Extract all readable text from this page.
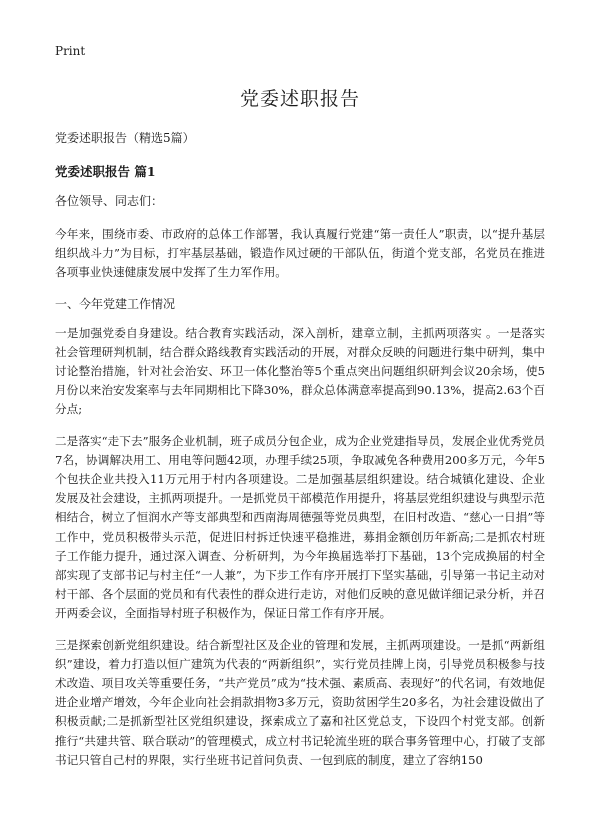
Print
党委述职报告
党委述职报告（精选5篇）
党委述职报告 篇1
各位领导、同志们：

今年来，围绕市委、市政府的总体工作部署，我认真履行党建“第一责任人”职责，以“提升基层组织战斗力”为目标，打牢基层基础，锻造作风过硬的干部队伍，街道个党支部，名党员在推进各项事业快速健康发展中发挥了生力军作用。

一、今年党建工作情况

一是加强党委自身建设。结合教育实践活动，深入剖析，建章立制，主抓两项落实 。一是落实社会管理研判机制，结合群众路线教育实践活动的开展，对群众反映的问题进行集中研判，集中讨论整治措施，针对社会治安、环卫一体化整治等5个重点突出问题组织研判会议20余场，使5月份以来治安发案率与去年同期相比下降30%，群众总体满意率提高到90.13%，提高2.63个百分点;

二是落实“走下去”服务企业机制，班子成员分包企业，成为企业党建指导员，发展企业优秀党员7名，协调解决用工、用电等问题42项，办理手续25项，争取减免各种费用200多万元，今年5个包扶企业共投入11万元用于村内各项建设。二是加强基层组织建设。结合城镇化建设、企业发展及社会建设，主抓两项提升。一是抓党员干部模范作用提升，将基层党组织建设与典型示范相结合，树立了恒润水产等支部典型和西南海周德强等党员典型，在旧村改造、“慈心一日捐”等工作中，党员积极带头示范，促进旧村拆迁快速平稳推进，募捐金额创历年新高;二是抓农村班子工作能力提升，通过深入调查、分析研判，为今年换届选举打下基础，13个完成换届的村全部实现了支部书记与村主任“一人兼”，为下步工作有序开展打下坚实基础，引导第一书记主动对村干部、各个层面的党员和有代表性的群众进行走访，对他们反映的意见做详细记录分析，并召开两委会议，全面指导村班子积极作为，保证日常工作有序开展。

三是探索创新党组织建设。结合新型社区及企业的管理和发展，主抓两项建设。一是抓“两新组织”建设，着力打造以恒广建筑为代表的“两新组织”，实行党员挂牌上岗，引导党员积极参与技术改造、项目攻关等重要任务，“共产党员”成为“技术强、素质高、表现好”的代名词，有效地促进企业增产增效，今年企业向社会捐款捐物3多万元，资助贫困学生20多名，为社会建设做出了积极贡献;二是抓新型社区党组织建设，探索成立了嘉和社区党总支，下设四个村党支部。创新推行“共建共管、联合联动”的管理模式，成立村书记轮流坐班的联合事务管理中心，打破了支部书记只管自己村的界限，实行坐班书记首问负责、一包到底的制度，建立了容纳150
